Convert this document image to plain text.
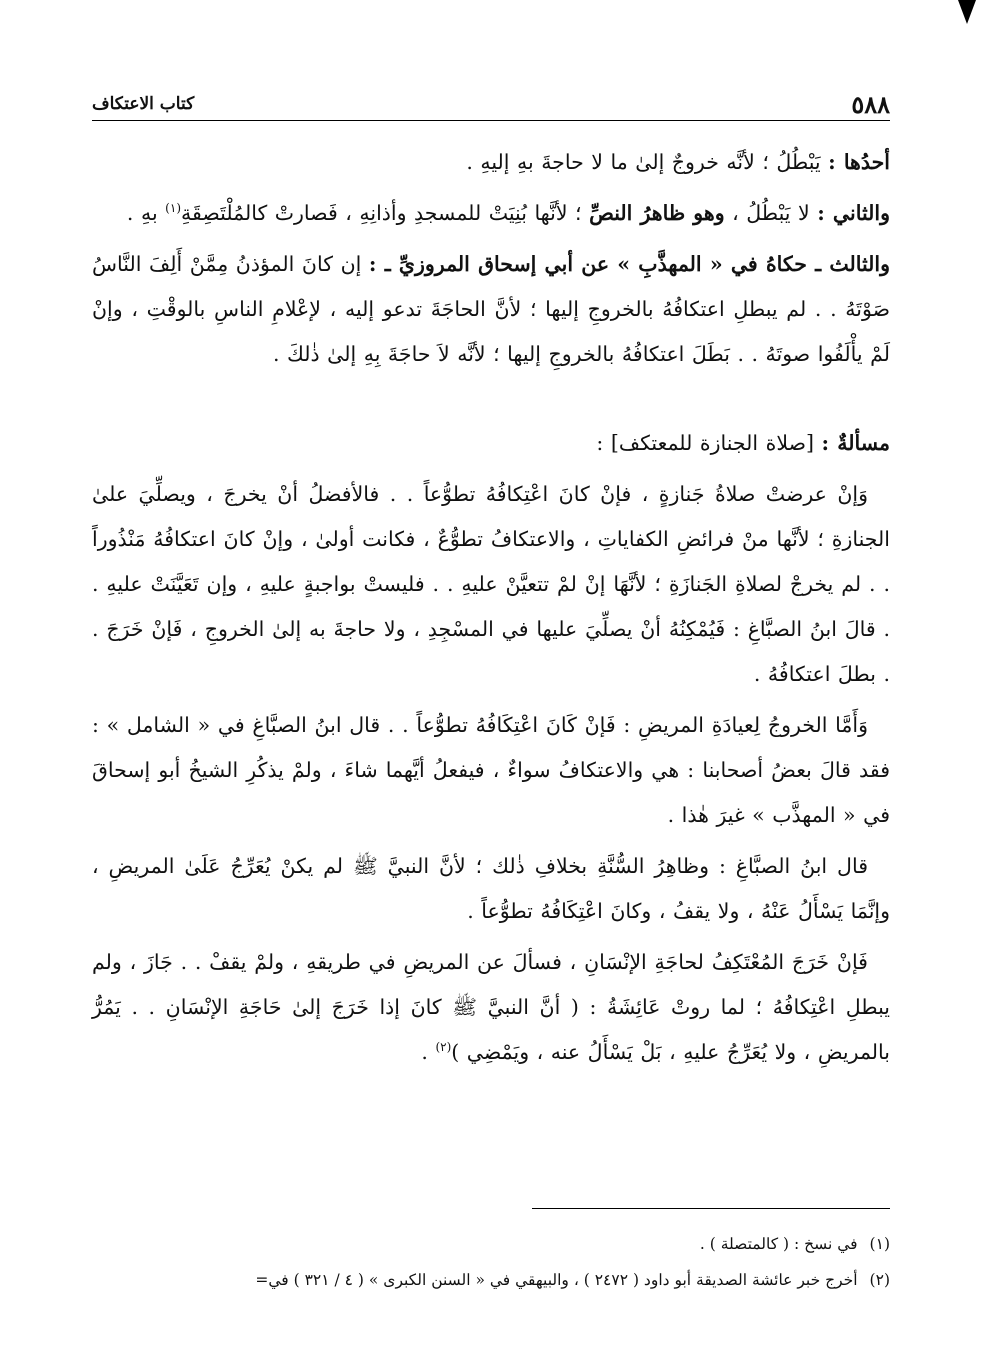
٥٨٨
كتاب الاعتكاف

أحدُها : يَبْطُلُ ؛ لأنَّه خروجٌ إلىٰ ما لا حاجةَ بهِ إليهِ .

والثاني : لا يَبْطُلُ ، وهو ظاهرُ النصِّ ؛ لأنَّها بُنِيَتْ للمسجدِ وأذانِهِ ، فَصارتْ كالمُلْتَصِقَةِ$^{(١)}$ بهِ .

والثالث ـ حكاهُ في « المهذَّبِ » عن أبي إسحاق المروزيِّ ـ : إن كانَ المؤذنُ مِمَّنْ أَلِفَ النَّاسُ صَوْتَهُ . . لم يبطلِ اعتكافُهُ بالخروجِ إليها ؛ لأنَّ الحاجَةَ تدعو إليه ، لإعْلامِ الناسِ بالوقْتِ ، وإنْ لَمْ يأْلَفُوا صوتَهُ . . بَطَلَ اعتكافُهُ بالخروجِ إليها ؛ لأنَّه لاَ حاجَةَ بِهِ إلىٰ ذٰلكَ .

مسألةٌ : [صلاة الجنازة للمعتكف] :

وَإنْ عرضتْ صلاةُ جَنازةٍ ، فإنْ كانَ اعْتِكافُهُ تطوُّعاً . . فالأفضلُ أنْ يخرجَ ، ويصلِّيَ علىٰ الجنازةِ ؛ لأنَّها منْ فرائضِ الكفاياتِ ، والاعتكافُ تطوُّعٌ ، فكانت أولىٰ ، وإنْ كانَ اعتكافُهُ مَنْذُوراً . . لم يخرجْ لصلاةِ الجَنازَةِ ؛ لأنَّهَا إنْ لمْ تتعيَّنْ عليهِ . . فليستْ بواجبةٍ عليهِ ، وإن تَعَيَّنَتْ عليهِ . . قالَ ابنُ الصبَّاغِ : فَيُمْكِنُهُ أنْ يصلِّيَ عليها في المسْجِدِ ، ولا حاجةَ به إلىٰ الخروجِ ، فَإنْ خَرَجَ . . بطلَ اعتكافُهُ .

وَأَمَّا الخروجُ لِعيادَةِ المريضِ : فَإنْ كَانَ اعْتِكَافُهُ تطوُّعاً . . قال ابنُ الصبَّاغِ في « الشامل » : فقد قالَ بعضُ أصحابنا : هي والاعتكافُ سواءٌ ، فيفعلُ أيَّهما شاءَ ، ولمْ يذكُرِ الشيخُ أبو إسحاقَ في « المهذَّب » غيرَ هٰذا .

قال ابنُ الصبَّاغِ : وظاهِرُ السُّنَّةِ بخلافِ ذٰلك ؛ لأنَّ النبيَّ ﷺ لم يكنْ يُعَرِّجُ عَلَىٰ المريضِ ، وإنَّمَا يَسْأَلُ عَنْهُ ، ولا يقفُ ، وكانَ اعْتِكَافُهُ تطوُّعاً .

فَإنْ خَرَجَ المُعْتَكِفُ لحاجَةِ الإنْسَانِ ، فسألَ عن المريضِ في طريقهِ ، ولمْ يقفْ . . جَازَ ، ولم يبطلِ اعْتِكافُهُ ؛ لما روتْ عَائِشَةُ : ( أنَّ النبيَّ ﷺ كانَ إذا خَرَجَ إلىٰ حَاجَةِ الإنْسَانِ . . يَمُرُّ بالمريضِ ، ولا يُعَرِّجُ عليهِ ، بَلْ يَسْأَلُ عنه ، ويَمْضِي )$^{(٢)}$ .

(١)في نسخ : ( كالمتصلة ) .
(٢)أخرج خبر عائشة الصديقة أبو داود ( ٢٤٧٢ ) ، والبيهقي في « السنن الكبرى » ( ٤ / ٣٢١ ) في=
